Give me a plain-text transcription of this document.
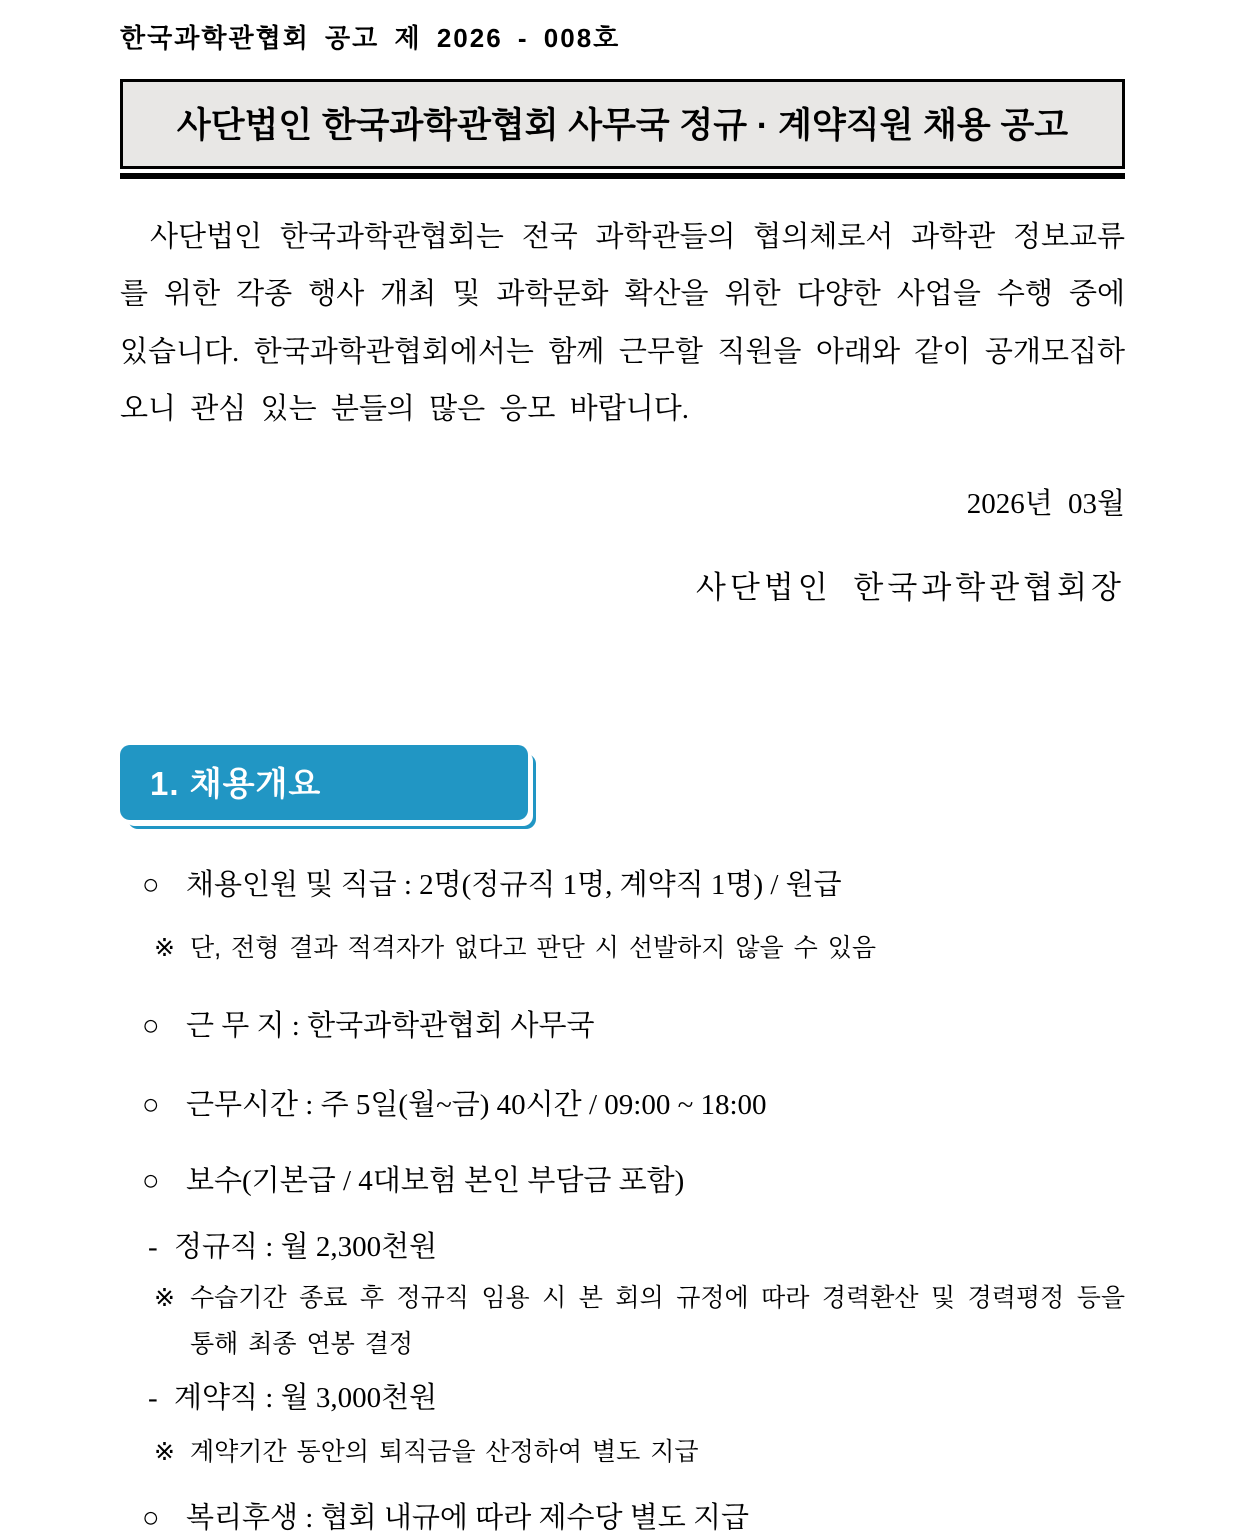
한국과학관협회 공고 제 2026 - 008호
사단법인 한국과학관협회 사무국 정규 · 계약직원 채용 공고

사단법인 한국과학관협회는 전국 과학관들의 협의체로서 과학관 정보교류를 위한 각종 행사 개최 및 과학문화 확산을 위한 다양한 사업을 수행 중에 있습니다. 한국과학관협회에서는 함께 근무할 직원을 아래와 같이 공개모집하오니 관심 있는 분들의 많은 응모 바랍니다.

2026년 03월
사단법인 한국과학관협회장
1. 채용개요
○ 채용인원 및 직급 : 2명(정규직 1명, 계약직 1명) / 원급
※ 단, 전형 결과 적격자가 없다고 판단 시 선발하지 않을 수 있음
○ 근 무 지 : 한국과학관협회 사무국
○ 근무시간 : 주 5일(월~금) 40시간 / 09:00 ~ 18:00
○ 보수(기본급 / 4대보험 본인 부담금 포함)
- 정규직 : 월 2,300천원
※ 수습기간 종료 후 정규직 임용 시 본 회의 규정에 따라 경력환산 및 경력평정 등을 통해 최종 연봉 결정
- 계약직 : 월 3,000천원
※ 계약기간 동안의 퇴직금을 산정하여 별도 지급
○ 복리후생 : 협회 내규에 따라 제수당 별도 지급
